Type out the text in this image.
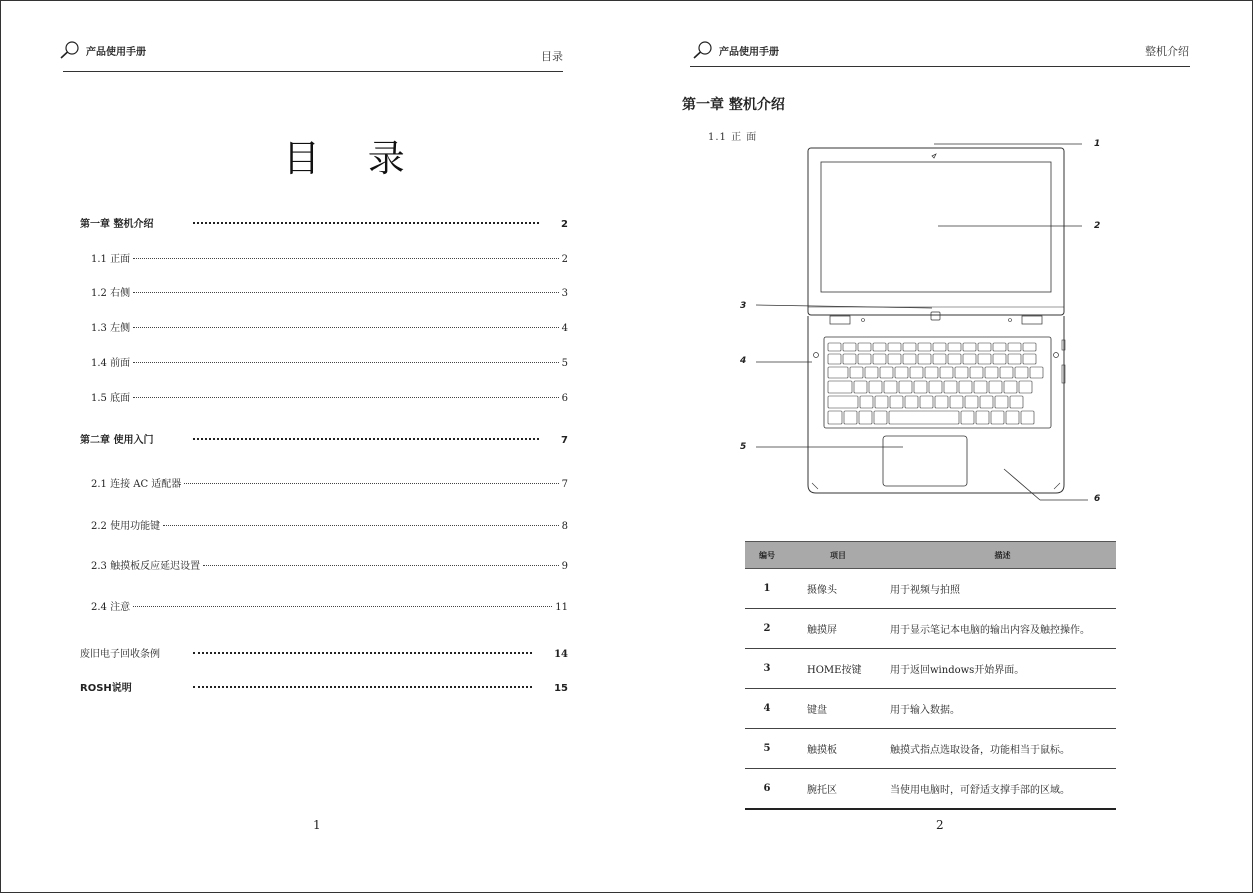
产品使用手册	目录
目 录
第一章 整机介绍	2
1.1 正面	2
1.2 右侧	3
1.3 左侧	4
1.4 前面	5
1.5 底面	6
第二章 使用入门	7
2.1 连接 AC 适配器	7
2.2 使用功能键	8
2.3 触摸板反应延迟设置	9
2.4 注意	11
废旧电子回收条例	14
ROSH说明	15
1
产品使用手册	整机介绍
第一章 整机介绍
1.1 正 面
1
2
3
4
5
6
编号	项目	描述
1	摄像头	用于视频与拍照
2	触摸屏	用于显示笔记本电脑的输出内容及触控操作。
3	HOME按键	用于返回windows开始界面。
4	键盘	用于输入数据。
5	触摸板	触摸式指点选取设备，功能相当于鼠标。
6	腕托区	当使用电脑时，可舒适支撑手部的区域。
2
